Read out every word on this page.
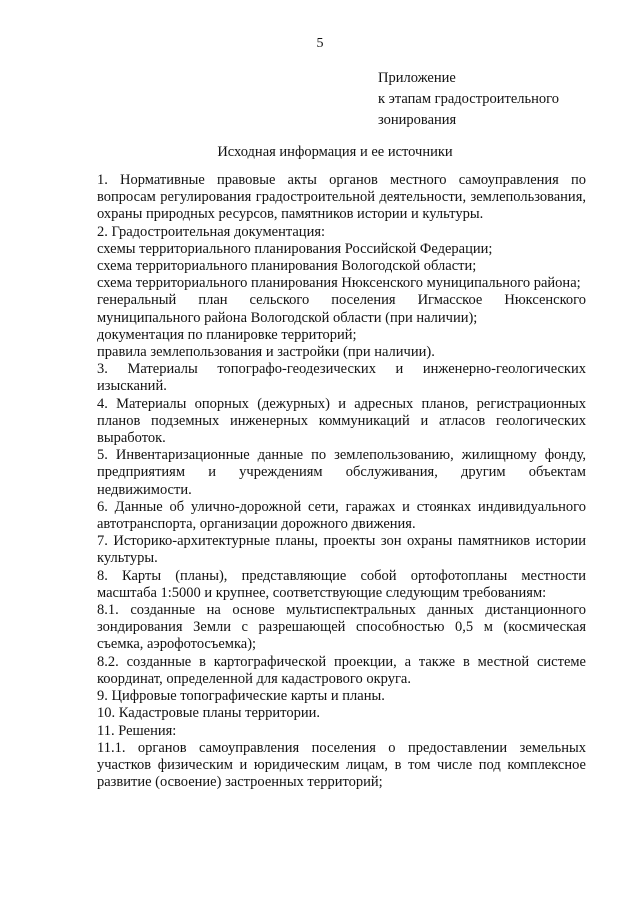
5
Приложение
к этапам градостроительного
зонирования
Исходная информация и ее источники

1. Нормативные правовые акты органов местного самоуправления по вопросам регулирования градостроительной деятельности, землепользования, охраны природных ресурсов, памятников истории и культуры.

2. Градостроительная документация:

схемы территориального планирования Российской Федерации;

схема территориального планирования Вологодской области;

схема территориального планирования Нюксенского муниципального района;

генеральный план сельского поселения Игмасское Нюксенского муниципального района Вологодской области (при наличии);

документация по планировке территорий;

правила землепользования и застройки (при наличии).

3. Материалы топографо-геодезических и инженерно-геологических изысканий.

4. Материалы опорных (дежурных) и адресных планов, регистрационных планов подземных инженерных коммуникаций и атласов геологических выработок.

5. Инвентаризационные данные по землепользованию, жилищному фонду, предприятиям и учреждениям обслуживания, другим объектам недвижимости.

6. Данные об улично-дорожной сети, гаражах и стоянках индивидуального автотранспорта, организации дорожного движения.

7. Историко-архитектурные планы, проекты зон охраны памятников истории культуры.

8. Карты (планы), представляющие собой ортофотопланы местности масштаба 1:5000 и крупнее, соответствующие следующим требованиям:

8.1. созданные на основе мультиспектральных данных дистанционного зондирования Земли с разрешающей способностью 0,5 м (космическая съемка, аэрофотосъемка);

8.2. созданные в картографической проекции, а также в местной системе координат, определенной для кадастрового округа.

9. Цифровые топографические карты и планы.

10. Кадастровые планы территории.

11. Решения:

11.1. органов самоуправления поселения о предоставлении земельных участков физическим и юридическим лицам, в том числе под комплексное развитие (освоение) застроенных территорий;
